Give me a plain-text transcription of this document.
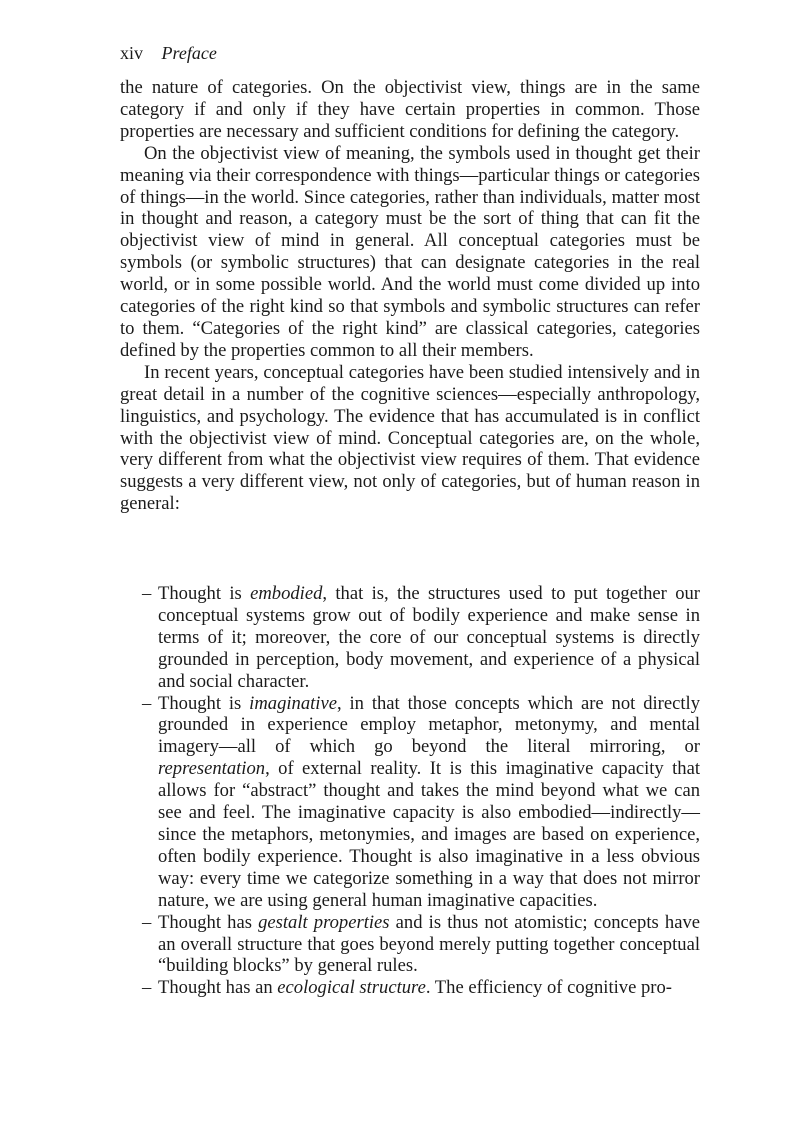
xiv Preface

the nature of categories. On the objectivist view, things are in the same category if and only if they have certain properties in common. Those properties are necessary and sufficient conditions for defining the category.

On the objectivist view of meaning, the symbols used in thought get their meaning via their correspondence with things—particular things or categories of things—in the world. Since categories, rather than individuals, matter most in thought and reason, a category must be the sort of thing that can fit the objectivist view of mind in general. All conceptual categories must be symbols (or symbolic structures) that can designate categories in the real world, or in some possible world. And the world must come divided up into categories of the right kind so that symbols and symbolic structures can refer to them. “Categories of the right kind” are classical categories, categories defined by the properties common to all their members.

In recent years, conceptual categories have been studied intensively and in great detail in a number of the cognitive sciences—especially anthropology, linguistics, and psychology. The evidence that has accumulated is in conflict with the objectivist view of mind. Conceptual categories are, on the whole, very different from what the objectivist view requires of them. That evidence suggests a very different view, not only of categories, but of human reason in general:

– Thought is embodied, that is, the structures used to put together our conceptual systems grow out of bodily experience and make sense in terms of it; moreover, the core of our conceptual systems is directly grounded in perception, body movement, and experience of a physical and social character.
– Thought is imaginative, in that those concepts which are not directly grounded in experience employ metaphor, metonymy, and mental imagery—all of which go beyond the literal mirroring, or representation, of external reality. It is this imaginative capacity that allows for “abstract” thought and takes the mind beyond what we can see and feel. The imaginative capacity is also embodied—indirectly—since the metaphors, metonymies, and images are based on experience, often bodily experience. Thought is also imaginative in a less obvious way: every time we categorize something in a way that does not mirror nature, we are using general human imaginative capacities.
– Thought has gestalt properties and is thus not atomistic; concepts have an overall structure that goes beyond merely putting together conceptual “building blocks” by general rules.
– Thought has an ecological structure. The efficiency of cognitive pro-
